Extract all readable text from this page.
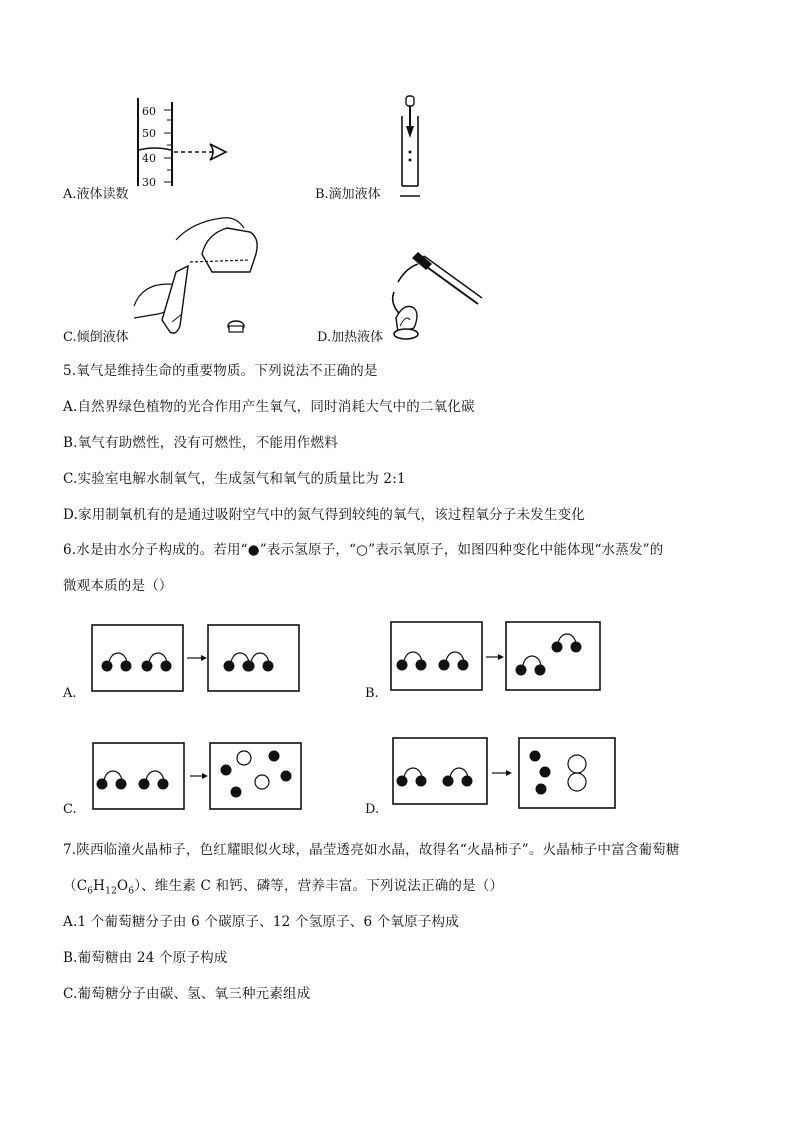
60
50
40
30
A.液体读数	B.滴加液体
C.倾倒液体	D.加热液体
5.氧气是维持生命的重要物质。下列说法不正确的是
A.自然界绿色植物的光合作用产生氧气，同时消耗大气中的二氧化碳
B.氧气有助燃性，没有可燃性，不能用作燃料
C.实验室电解水制氧气，生成氢气和氧气的质量比为 2:1
D.家用制氧机有的是通过吸附空气中的氮气得到较纯的氧气，该过程氧分子未发生变化
6.水是由水分子构成的。若用“●”表示氢原子，“○”表示氧原子，如图四种变化中能体现“水蒸发”的
微观本质的是（）
A.	B.
C.	D.
7.陕西临潼火晶柿子，色红耀眼似火球，晶莹透亮如水晶，故得名“火晶柿子”。火晶柿子中富含葡萄糖
$(C_6H_{12}O_6)$、维生素 C 和钙、磷等，营养丰富。下列说法正确的是（）
A.1 个葡萄糖分子由 6 个碳原子、12 个氢原子、6 个氧原子构成
B.葡萄糖由 24 个原子构成
C.葡萄糖分子由碳、氢、氧三种元素组成
